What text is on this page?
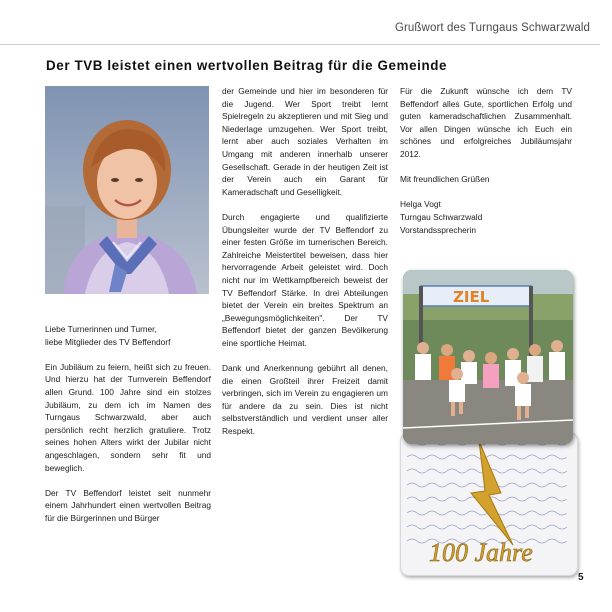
Grußwort des Turngaus Schwarzwald
Der TVB leistet einen wertvollen Beitrag für die Gemeinde

Liebe Turnerinnen und Turner,

liebe Mitglieder des TV Beffendorf

Ein Jubiläum zu feiern, heißt sich zu freuen. Und hierzu hat der Turnverein Beffendorf allen Grund. 100 Jahre sind ein stolzes Jubiläum, zu dem ich im Namen des Turngaus Schwarzwald, aber auch persönlich recht herzlich gratuliere. Trotz seines hohen Alters wirkt der Jubilar nicht angeschlagen, sondern sehr fit und beweglich.

Der TV Beffendorf leistet seit nunmehr einem Jahrhundert einen wertvollen Beitrag für die Bürgerinnen und Bürger

der Gemeinde und hier im besonderen für die Jugend. Wer Sport treibt lernt Spielregeln zu akzeptieren und mit Sieg und Niederlage umzugehen. Wer Sport treibt, lernt aber auch soziales Verhalten im Umgang mit anderen innerhalb unserer Gesellschaft. Gerade in der heutigen Zeit ist der Verein auch ein Garant für Kameradschaft und Geselligkeit.

Durch engagierte und qualifizierte Übungsleiter wurde der TV Beffendorf zu einer festen Größe im turnerischen Bereich. Zahlreiche Meistertitel beweisen, dass hier hervorragende Arbeit geleistet wird. Doch nicht nur im Wettkampfbereich beweist der TV Beffendorf Stärke. In drei Abteilungen bietet der Verein ein breites Spektrum an „Bewegungsmöglichkeiten". Der TV Beffendorf bietet der ganzen Bevölkerung eine sportliche Heimat.

Dank und Anerkennung gebührt all denen, die einen Großteil ihrer Freizeit damit verbringen, sich im Verein zu engagieren um für andere da zu sein. Dies ist nicht selbstverständlich und verdient unser aller Respekt.

Für die Zukunft wünsche ich dem TV Beffendorf alles Gute, sportlichen Erfolg und guten kameradschaftlichen Zusammenhalt. Vor allen Dingen wünsche ich Euch ein schönes und erfolgreiches Jubiläumsjahr 2012.

Mit freundlichen Grüßen

Helga Vogt

Turngau Schwarzwald

Vorstandssprecherin

100 Jahre
ZIEL
5
